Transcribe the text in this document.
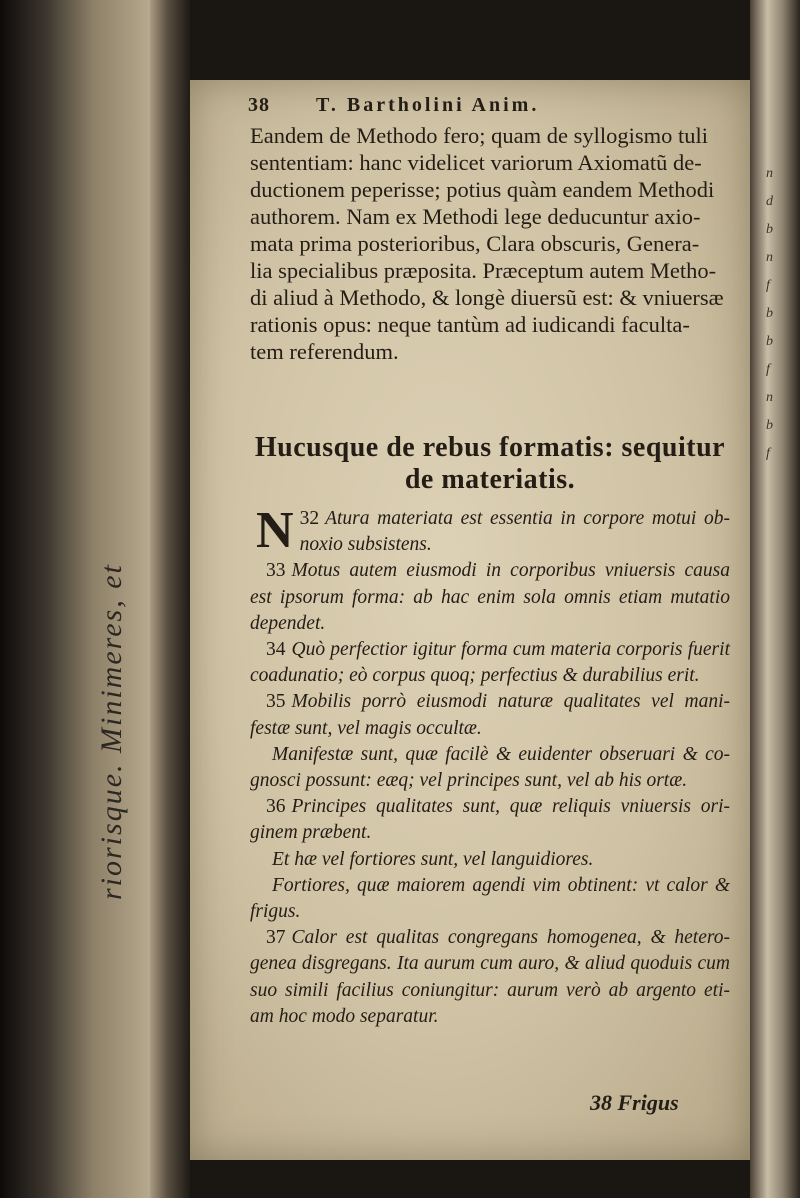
riorisque. Minimeres, et
n
d
b
n
f
b
b
f
n
b
f
38 T. Bartholini Anim.
Eandem de Methodo fero; quam de syllogismo tuli
sententiam: hanc videlicet variorum Axiomatũ de-
ductionem peperisse; potius quàm eandem Methodi
authorem. Nam ex Methodi lege deducuntur axio-
mata prima posterioribus, Clara obscuris, Genera-
lia specialibus præposita. Præceptum autem Metho-
di aliud à Methodo, & longè diuersũ est: & vniuersæ
rationis opus: neque tantùm ad iudicandi faculta-
tem referendum.
Hucusque de rebus formatis: sequitur
de materiatis.

32
N Atura materiata est essentia in corpore motui ob- noxio subsistens.

33 Motus autem eiusmodi in corporibus vniuersis causa est ipsorum forma: ab hac enim sola omnis etiam mutatio dependet.

34 Quò perfectior igitur forma cum materia corporis fuerit coadunatio; eò corpus quoq; perfectius & durabilius erit.

35 Mobilis porrò eiusmodi naturæ qualitates vel mani- festæ sunt, vel magis occultæ.

Manifestæ sunt, quæ facilè & euidenter obseruari & co- gnosci possunt: eæq; vel principes sunt, vel ab his ortæ.

36 Principes qualitates sunt, quæ reliquis vniuersis ori- ginem præbent.

Et hæ vel fortiores sunt, vel languidiores.

Fortiores, quæ maiorem agendi vim obtinent: vt calor & frigus.

37 Calor est qualitas congregans homogenea, & hetero- genea disgregans. Ita aurum cum auro, & aliud quoduis cum suo simili facilius coniungitur: aurum verò ab argento eti- am hoc modo separatur.

38 Frigus
